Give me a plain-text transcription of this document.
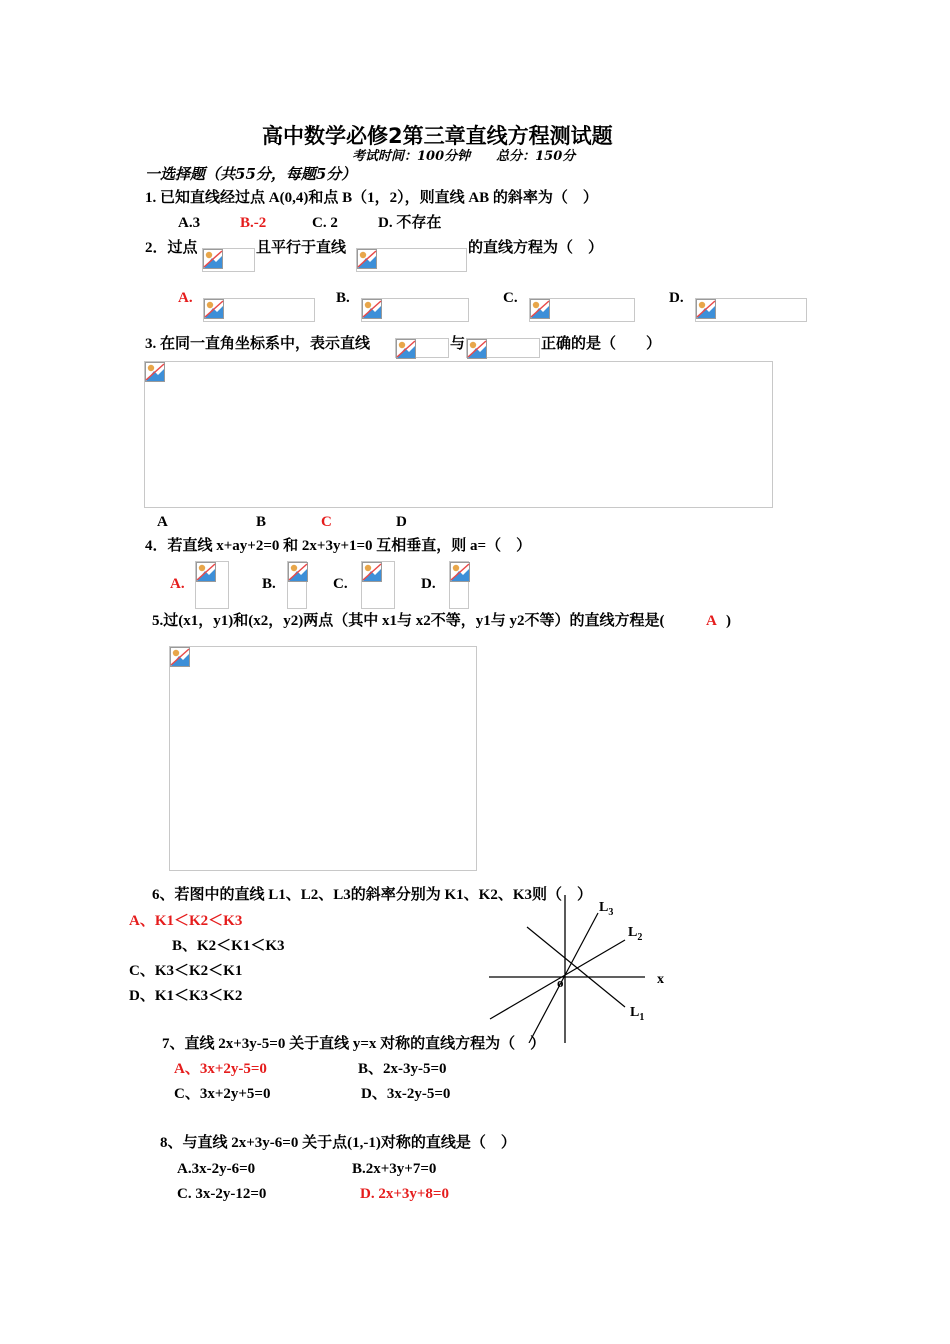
高中数学必修2第三章直线方程测试题
考试时间：100分钟　　总分：150分
一选择题（共55分，每题5分）
1. 已知直线经过点 A(0,4)和点 B（1，2），则直线 AB 的斜率为（　）
A.3	B.-2	C. 2	D. 不存在
2．过点	且平行于直线	的直线方程为（　）
A.	B.	C.	D.
3. 在同一直角坐标系中，表示直线	与	正确的是（　　）
A	B	C	D
4．若直线 x+ay+2=0 和 2x+3y+1=0 互相垂直，则 a=（　）
A.	B.	C.	D.
5.过(x1，y1)和(x2，y2)两点（其中 x1与 x2不等，y1与 y2不等）的直线方程是(	A )
6、若图中的直线 L1、L2、L3的斜率分别为 K1、K2、K3则（　）
A、K1＜K2＜K3
B、K2＜K1＜K3
C、K3＜K2＜K1
D、K1＜K3＜K2
$L_3$
$L_2$
$L_1$
x
o
7、直线 2x+3y-5=0 关于直线 y=x 对称的直线方程为（　）
A、3x+2y-5=0	B、2x-3y-5=0
C、3x+2y+5=0	D、3x-2y-5=0
8、与直线 2x+3y-6=0 关于点(1,-1)对称的直线是（　）
A.3x-2y-6=0	B.2x+3y+7=0
C. 3x-2y-12=0	D. 2x+3y+8=0
